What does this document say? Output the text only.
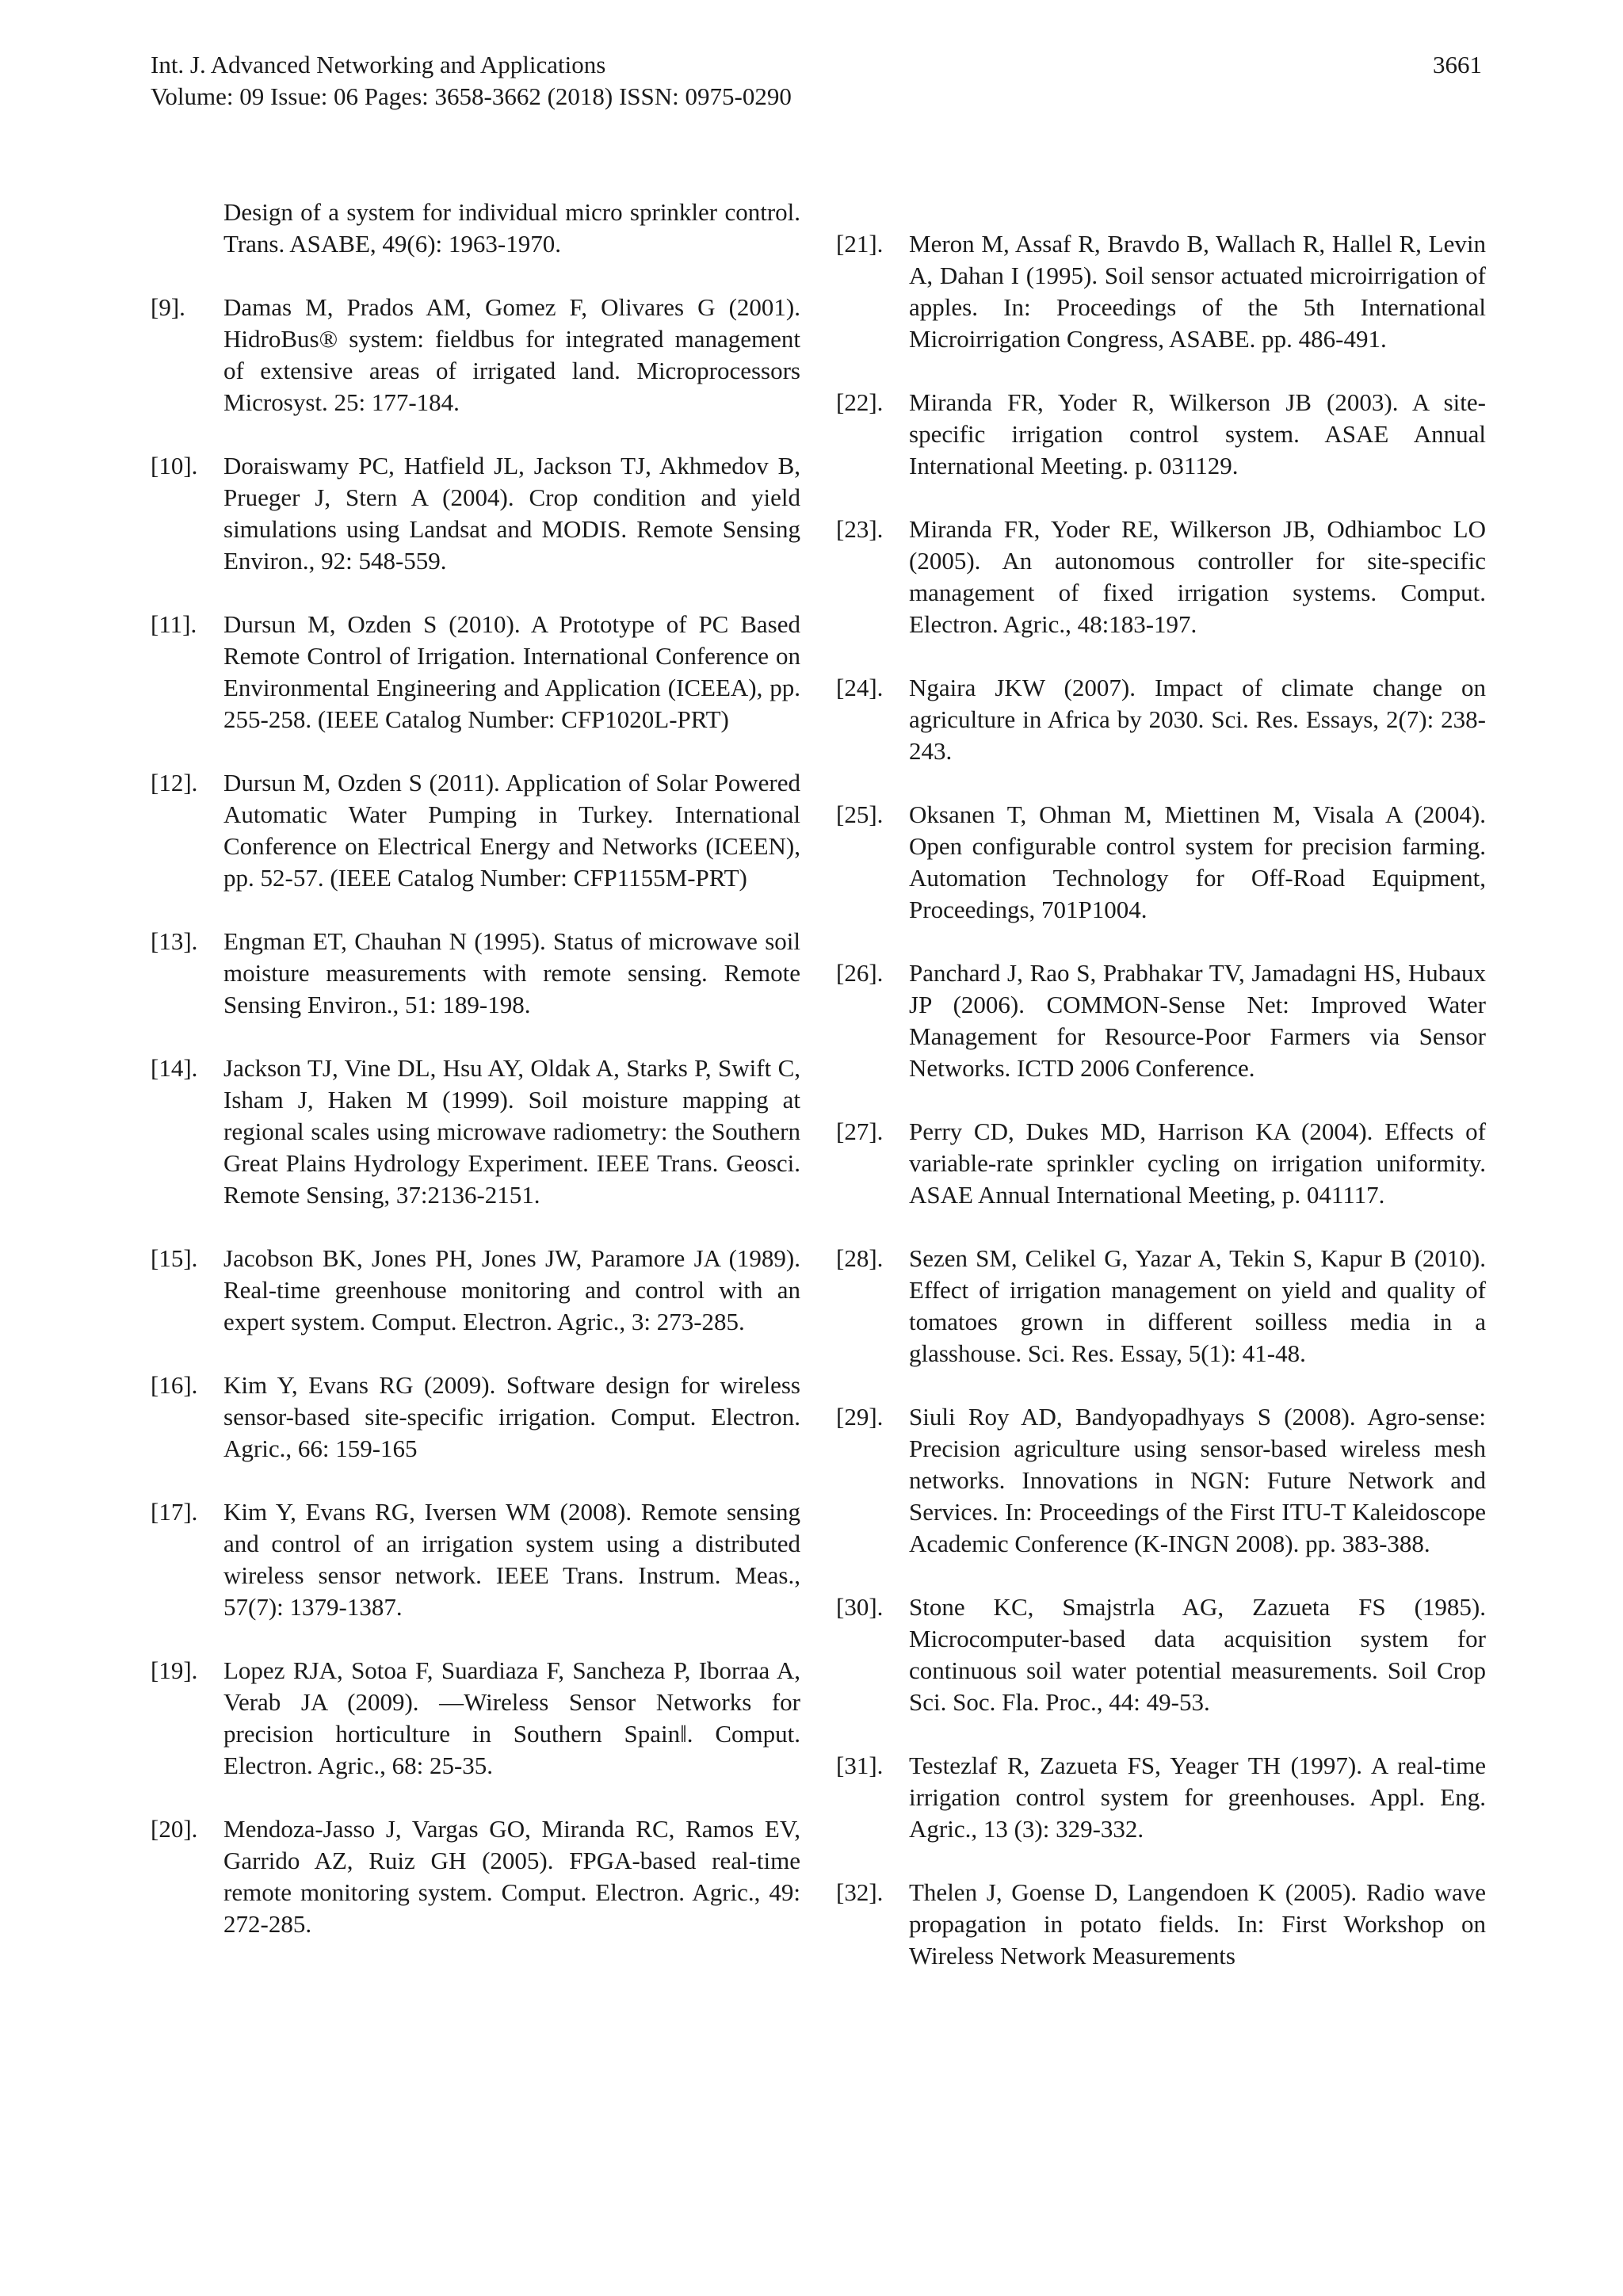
Int. J. Advanced Networking and Applications
Volume: 09 Issue: 06 Pages: 3658-3662 (2018) ISSN: 0975-0290
3661
Design of a system for individual micro sprinkler control. Trans. ASABE, 49(6): 1963-1970.
[9]. Damas M, Prados AM, Gomez F, Olivares G (2001). HidroBus® system: fieldbus for integrated management of extensive areas of irrigated land. Microprocessors Microsyst. 25: 177-184.
[10]. Doraiswamy PC, Hatfield JL, Jackson TJ, Akhmedov B, Prueger J, Stern A (2004). Crop condition and yield simulations using Landsat and MODIS. Remote Sensing Environ., 92: 548-559.
[11]. Dursun M, Ozden S (2010). A Prototype of PC Based Remote Control of Irrigation. International Conference on Environmental Engineering and Application (ICEEA), pp. 255-258. (IEEE Catalog Number: CFP1020L-PRT)
[12]. Dursun M, Ozden S (2011). Application of Solar Powered Automatic Water Pumping in Turkey. International Conference on Electrical Energy and Networks (ICEEN), pp. 52-57. (IEEE Catalog Number: CFP1155M-PRT)
[13]. Engman ET, Chauhan N (1995). Status of microwave soil moisture measurements with remote sensing. Remote Sensing Environ., 51: 189-198.
[14]. Jackson TJ, Vine DL, Hsu AY, Oldak A, Starks P, Swift C, Isham J, Haken M (1999). Soil moisture mapping at regional scales using microwave radiometry: the Southern Great Plains Hydrology Experiment. IEEE Trans. Geosci. Remote Sensing, 37:2136-2151.
[15]. Jacobson BK, Jones PH, Jones JW, Paramore JA (1989). Real-time greenhouse monitoring and control with an expert system. Comput. Electron. Agric., 3: 273-285.
[16]. Kim Y, Evans RG (2009). Software design for wireless sensor-based site-specific irrigation. Comput. Electron. Agric., 66: 159-165
[17]. Kim Y, Evans RG, Iversen WM (2008). Remote sensing and control of an irrigation system using a distributed wireless sensor network. IEEE Trans. Instrum. Meas., 57(7): 1379-1387.
[19]. Lopez RJA, Sotoa F, Suardiaza F, Sancheza P, Iborraa A, Verab JA (2009). ―Wireless Sensor Networks for precision horticulture in Southern Spain‖. Comput. Electron. Agric., 68: 25-35.
[20]. Mendoza-Jasso J, Vargas GO, Miranda RC, Ramos EV, Garrido AZ, Ruiz GH (2005). FPGA-based real-time remote monitoring system. Comput. Electron. Agric., 49: 272-285.
[21]. Meron M, Assaf R, Bravdo B, Wallach R, Hallel R, Levin A, Dahan I (1995). Soil sensor actuated microirrigation of apples. In: Proceedings of the 5th International Microirrigation Congress, ASABE. pp. 486-491.
[22]. Miranda FR, Yoder R, Wilkerson JB (2003). A site-specific irrigation control system. ASAE Annual International Meeting. p. 031129.
[23]. Miranda FR, Yoder RE, Wilkerson JB, Odhiamboc LO (2005). An autonomous controller for site-specific management of fixed irrigation systems. Comput. Electron. Agric., 48:183-197.
[24]. Ngaira JKW (2007). Impact of climate change on agriculture in Africa by 2030. Sci. Res. Essays, 2(7): 238-243.
[25]. Oksanen T, Ohman M, Miettinen M, Visala A (2004). Open configurable control system for precision farming. Automation Technology for Off-Road Equipment, Proceedings, 701P1004.
[26]. Panchard J, Rao S, Prabhakar TV, Jamadagni HS, Hubaux JP (2006). COMMON-Sense Net: Improved Water Management for Resource-Poor Farmers via Sensor Networks. ICTD 2006 Conference.
[27]. Perry CD, Dukes MD, Harrison KA (2004). Effects of variable-rate sprinkler cycling on irrigation uniformity. ASAE Annual International Meeting, p. 041117.
[28]. Sezen SM, Celikel G, Yazar A, Tekin S, Kapur B (2010). Effect of irrigation management on yield and quality of tomatoes grown in different soilless media in a glasshouse. Sci. Res. Essay, 5(1): 41-48.
[29]. Siuli Roy AD, Bandyopadhyays S (2008). Agro-sense: Precision agriculture using sensor-based wireless mesh networks. Innovations in NGN: Future Network and Services. In: Proceedings of the First ITU-T Kaleidoscope Academic Conference (K-INGN 2008). pp. 383-388.
[30]. Stone KC, Smajstrla AG, Zazueta FS (1985). Microcomputer-based data acquisition system for continuous soil water potential measurements. Soil Crop Sci. Soc. Fla. Proc., 44: 49-53.
[31]. Testezlaf R, Zazueta FS, Yeager TH (1997). A real-time irrigation control system for greenhouses. Appl. Eng. Agric., 13 (3): 329-332.
[32]. Thelen J, Goense D, Langendoen K (2005). Radio wave propagation in potato fields. In: First Workshop on Wireless Network Measurements
